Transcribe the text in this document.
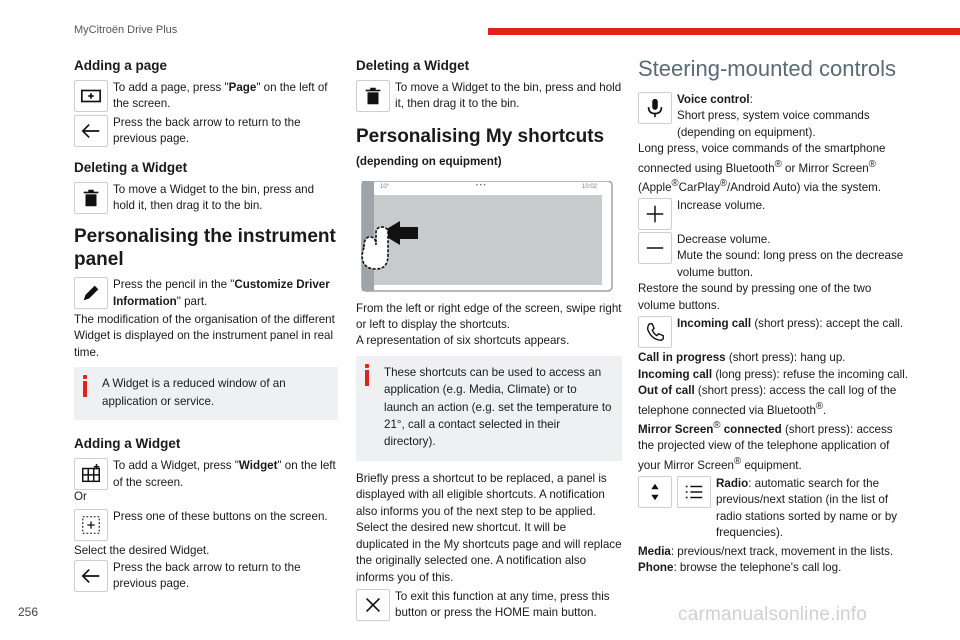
MyCitroën Drive Plus
Adding a page
To add a page, press "Page" on the left of the screen.
Press the back arrow to return to the previous page.
Deleting a Widget
To move a Widget to the bin, press and hold it, then drag it to the bin.
Personalising the instrument panel
Press the pencil in the "Customize Driver Information" part.
The modification of the organisation of the different Widget is displayed on the instrument panel in real time.
A Widget is a reduced window of an application or service.
Adding a Widget
To add a Widget, press "Widget" on the left of the screen.
Or
Press one of these buttons on the screen.
Select the desired Widget.
Press the back arrow to return to the previous page.
Deleting a Widget
To move a Widget to the bin, press and hold it, then drag it to the bin.
Personalising My shortcuts
(depending on equipment)
10°	• • •	10:02
From the left or right edge of the screen, swipe right or left to display the shortcuts.
A representation of six shortcuts appears.
These shortcuts can be used to access an application (e.g. Media, Climate) or to launch an action (e.g. set the temperature to 21°, call a contact selected in their directory).
Briefly press a shortcut to be replaced, a panel is displayed with all eligible shortcuts. A notification also informs you of the next step to be applied.
Select the desired new shortcut. It will be duplicated in the My shortcuts page and will replace the originally selected one. A notification also informs you of this.
To exit this function at any time, press this button or press the HOME main button.
Steering-mounted controls
Voice control:
Short press, system voice commands (depending on equipment).
Long press, voice commands of the smartphone connected using Bluetooth® or Mirror Screen® (Apple®CarPlay®/Android Auto) via the system.
Increase volume.
Decrease volume.
Mute the sound: long press on the decrease volume button.
Restore the sound by pressing one of the two volume buttons.
Incoming call (short press): accept the call.
Call in progress (short press): hang up.
Incoming call (long press): refuse the incoming call.
Out of call (short press): access the call log of the telephone connected via Bluetooth®.
Mirror Screen® connected (short press): access the projected view of the telephone application of your Mirror Screen® equipment.
Radio: automatic search for the previous/next station (in the list of radio stations sorted by name or by frequencies).
Media: previous/next track, movement in the lists.
Phone: browse the telephone's call log.
256	carmanualsonline.info
